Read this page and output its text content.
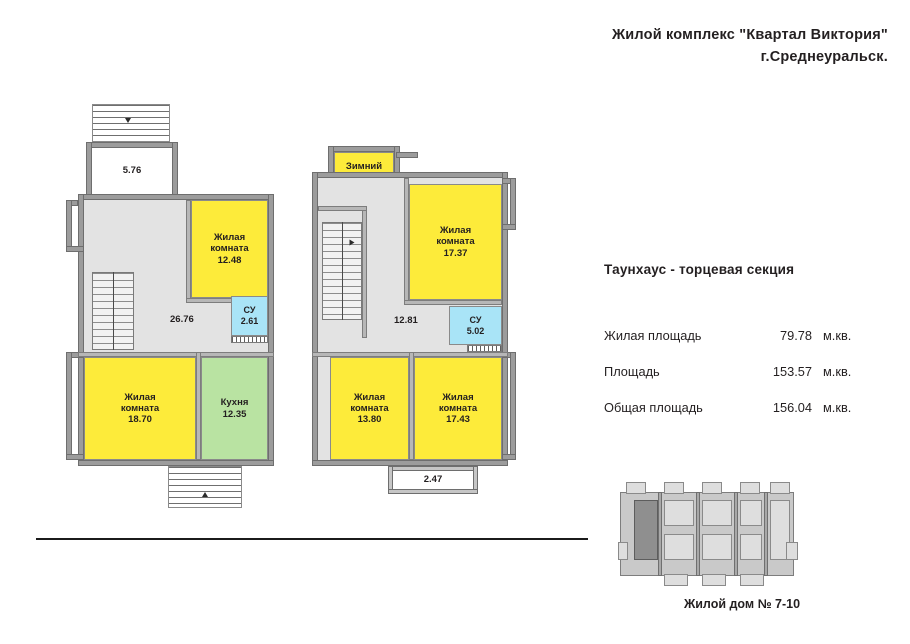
Жилой комплекс "Квартал Виктория"
г.Среднеуральск.
Таунхаус - торцевая секция
Жилая площадь	79.78 м.кв.
Площадь	153.57 м.кв.
Общая площадь	156.04 м.кв.
5.76
Жилая
комната
12.48
26.76
СУ
2.61
Жилая
комната
18.70
Кухня
12.35
Зимний
Жилая
комната
17.37
12.81	СУ
5.02
Жилая
комната
13.80
Жилая
комната
17.43
2.47
Жилой дом № 7-10
